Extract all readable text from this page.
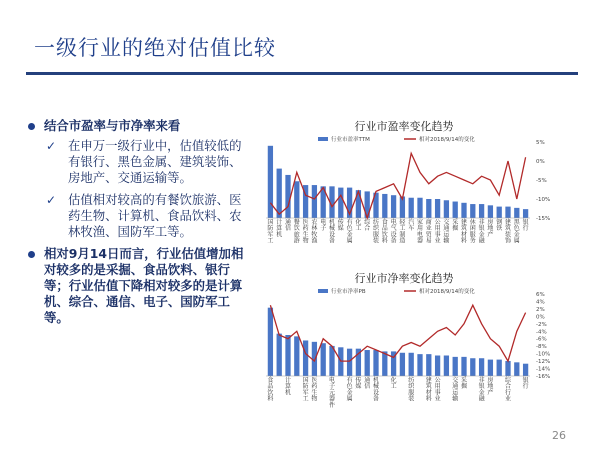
一级行业的绝对估值比较
结合市盈率与市净率来看
✓ 在申万一级行业中，估值较低的有银行、黑色金属、建筑装饰、房地产、交通运输等。
✓ 估值相对较高的有餐饮旅游、医药生物、计算机、食品饮料、农林牧渔、国防军工等。
相对9月14日而言，行业估值增加相对较多的是采掘、食品饮料、银行等；行业估值下降相对较多的是计算机、综合、通信、电子、国防军工等。
行业市盈率变化趋势
行业市盈率TTM	相对2018/9/14的变化	5%
0%
-5%
-10%
-15%
国防军工
计算机
通信
餐饮旅游
医药生物
农林牧渔
电子
机械设备
传媒
有色金属
化工
综合
纺织服装
食品饮料
电气设备
轻工制造
汽车
家用电器
商业贸易
公用事业
交通运输
采掘
建筑材料
休闲服务
非银金融
房地产
钢铁
建筑装饰
黑色金属
银行
行业市净率变化趋势
行业市净率PB	相对2018/9/14的变化	6%
4%
2%
0%
-2%
-4%
-6%
-8%
-10%
-12%
-14%
-16%
食品饮料
计算机
国防军工
医药生物
电子元器件
有色金属
传媒
通信
机械设备
化工
纺织服装
建筑材料
公用事业
交通运输
采掘
非银金融
房地产
综合行业
银行
26
